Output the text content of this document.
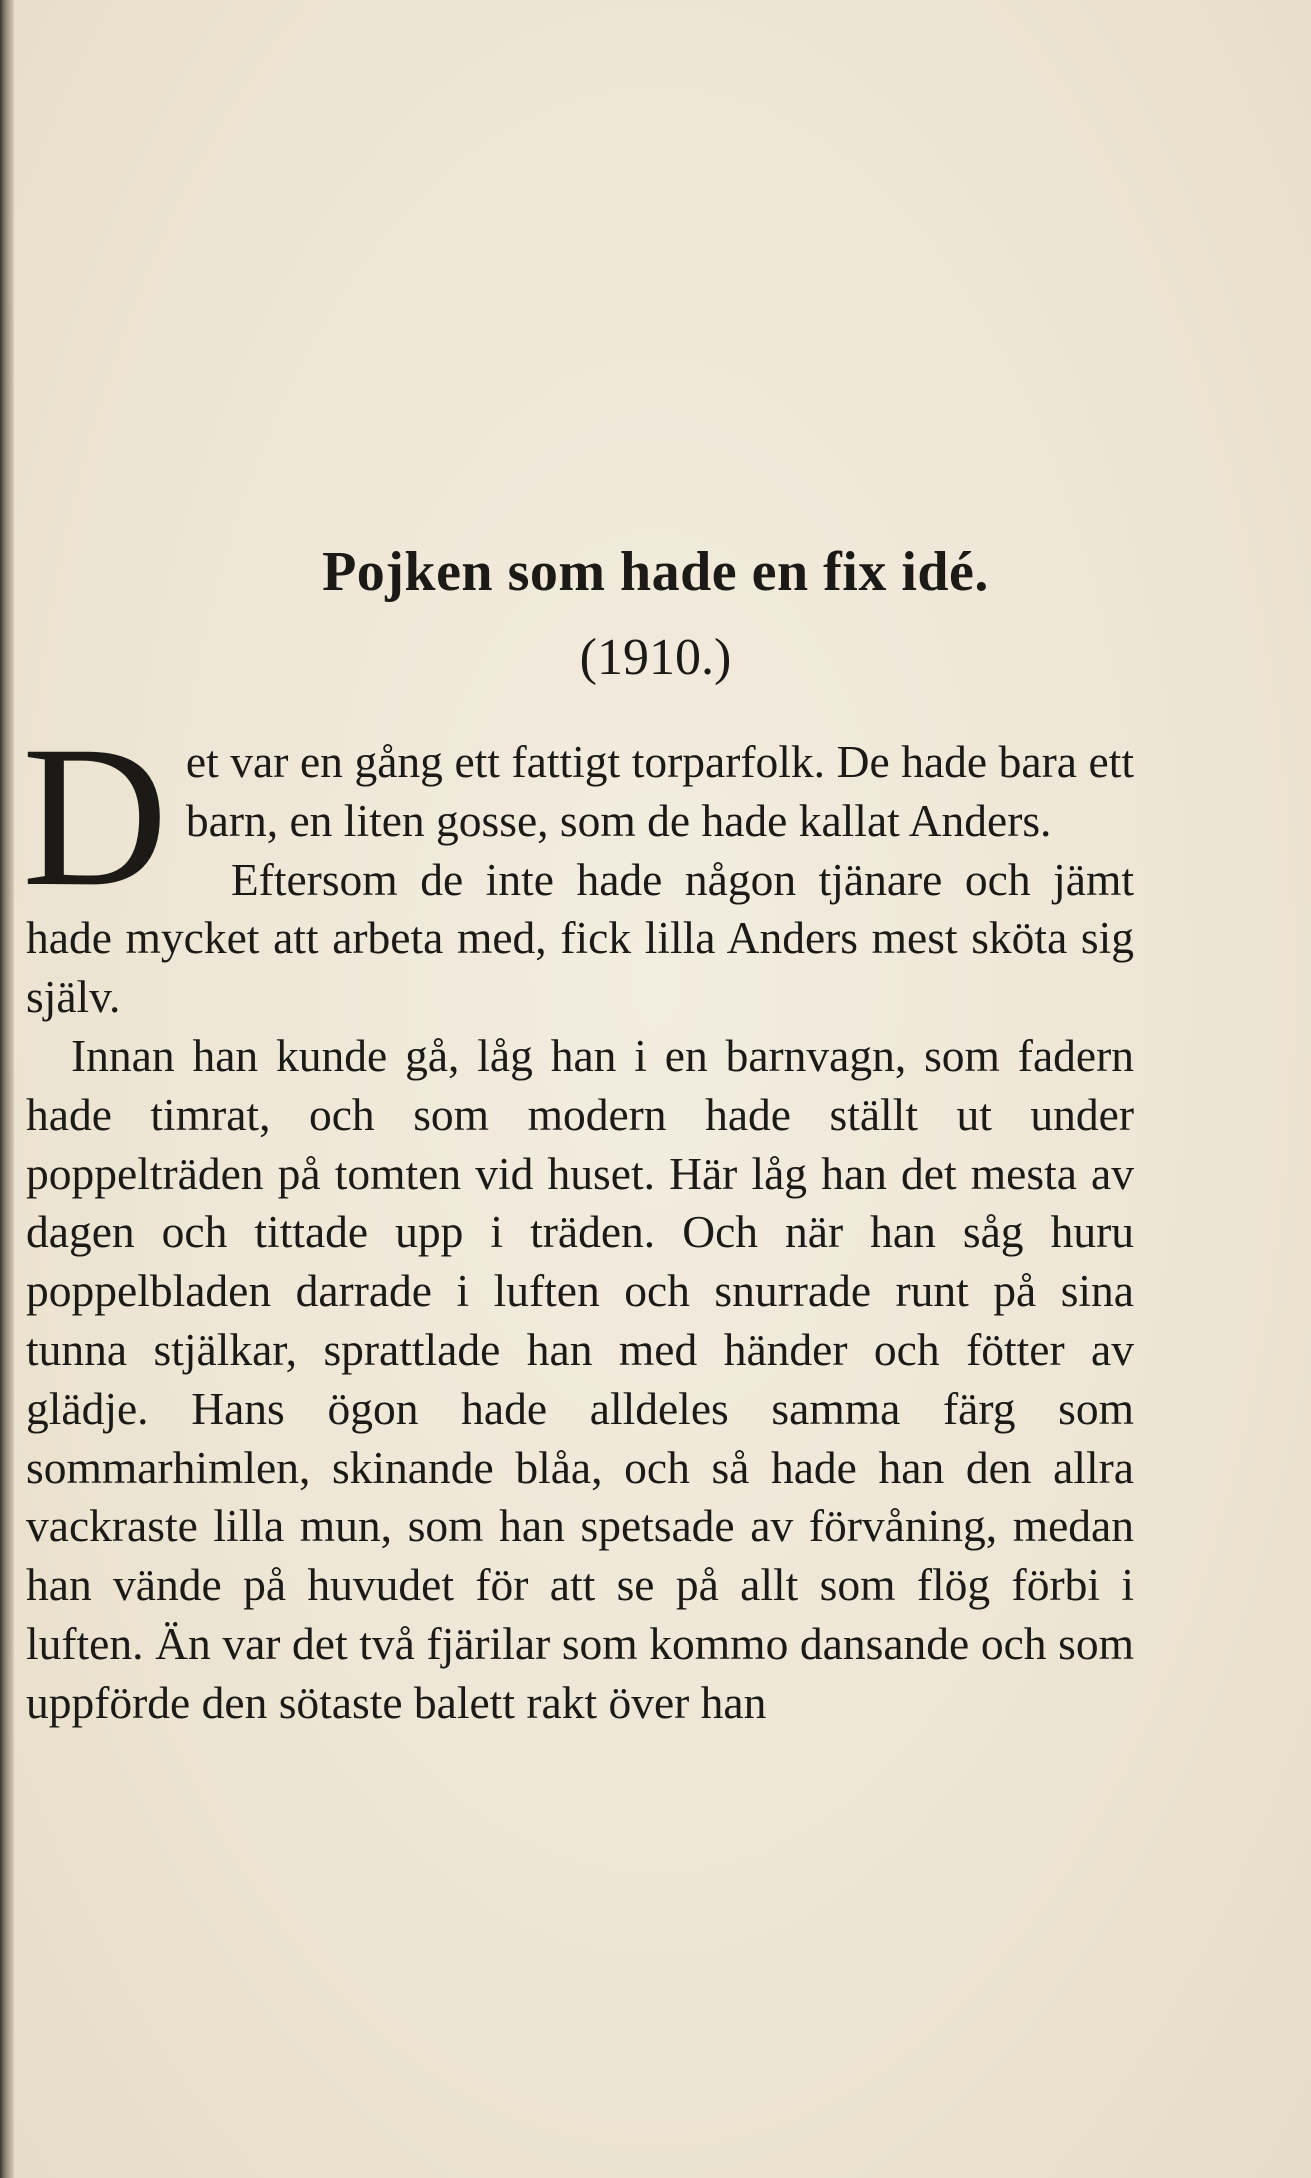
Pojken som hade en fix idé.
(1910.)

Det var en gång ett fattigt torparfolk. De hade bara ett barn, en liten gosse, som de hade kallat Anders.

Eftersom de inte hade någon tjänare och jämt hade mycket att arbeta med, fick lilla Anders mest sköta sig själv.

Innan han kunde gå, låg han i en barnvagn, som fadern hade timrat, och som modern hade ställt ut under poppelträden på tomten vid huset. Här låg han det mesta av dagen och tittade upp i träden. Och när han såg huru poppelbladen darrade i luften och snurrade runt på sina tunna stjälkar, sprattlade han med händer och fötter av glädje. Hans ögon hade alldeles samma färg som sommarhimlen, skinande blåa, och så hade han den allra vackraste lilla mun, som han spetsade av förvåning, medan han vände på huvudet för att se på allt som flög förbi i luften. Än var det två fjärilar som kommo dansande och som uppförde den sötaste balett rakt över han
